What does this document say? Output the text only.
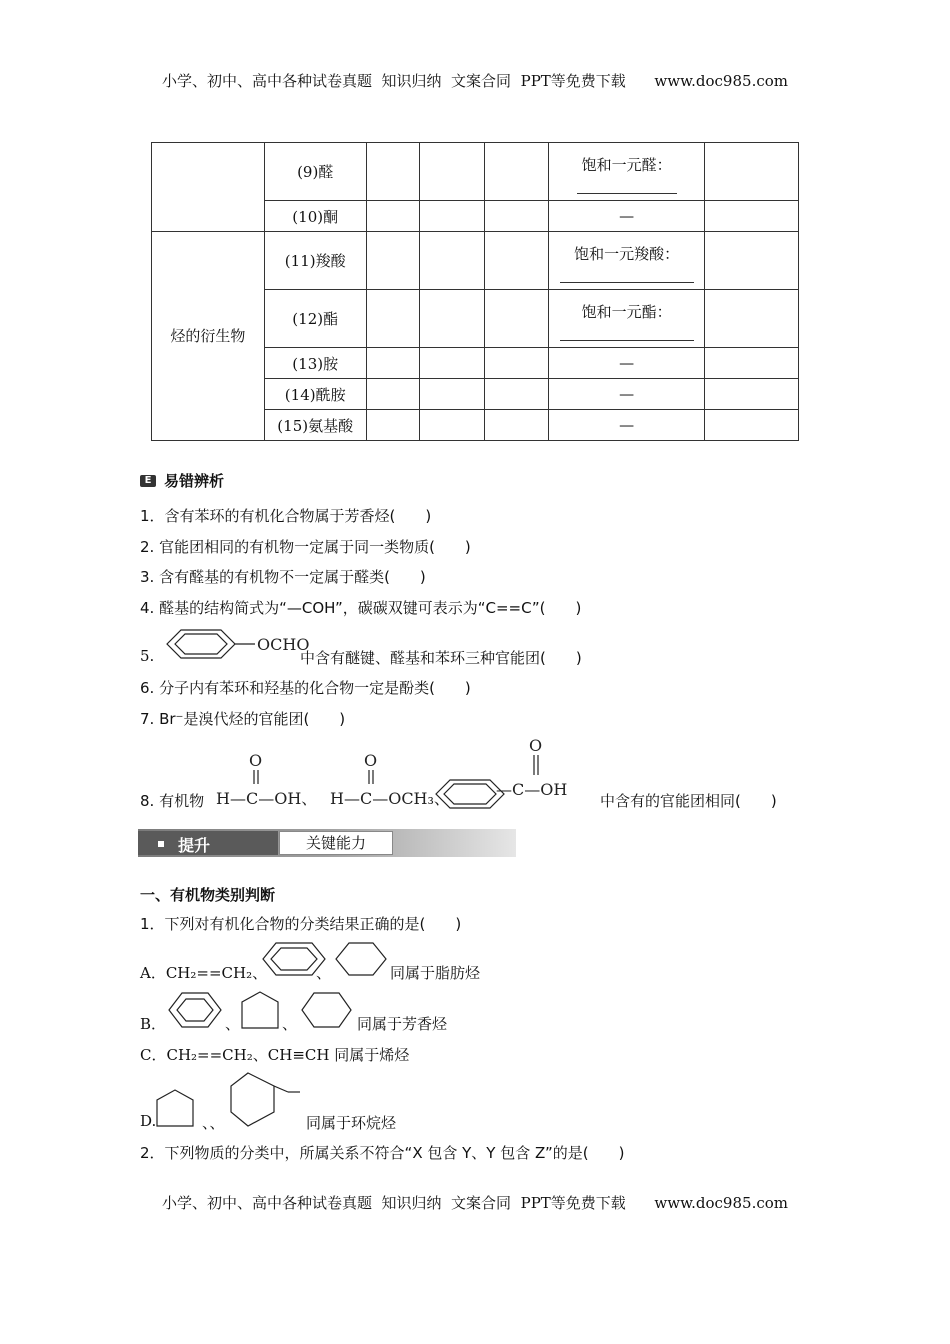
小学、初中、高中各种试卷真题  知识归纳  文案合同  PPT等免费下载      www.doc985.com
	(9)醛				饱和一元醛：	

	(10)酮				—	
烃的衍生物	(11)羧酸				饱和一元羧酸：	

	(12)酯				饱和一元酯：	

	(13)胺				—	
	(14)酰胺				—	
	(15)氨基酸				—	
E 易错辨析
1．含有苯环的有机化合物属于芳香烃(　　)
2. 官能团相同的有机物一定属于同一类物质(　　)
3. 含有醛基的有机物不一定属于醛类(　　)
4. 醛基的结构简式为“—COH”，碳碳双键可表示为“C==C”(　　)
5.
OCHO
中含有醚键、醛基和苯环三种官能团(　　)
6. 分子内有苯环和羟基的化合物一定是酚类(　　)
7. Br⁻是溴代烃的官能团(　　)
8. 有机物
O
H—C—OH、
O
H—C—OCH₃、
O
—C—OH
中含有的官能团相同(　　)
提升	关键能力
一、有机物类别判断
1．下列对有机化合物的分类结果正确的是(　　)
A．CH₂==CH₂、	、	同属于脂肪烃
B．	、	、	同属于芳香烃
C．CH₂==CH₂、CH≡CH 同属于烯烃
D.	、、	同属于环烷烃
2．下列物质的分类中，所属关系不符合“X 包含 Y、Y 包含 Z”的是(　　)
小学、初中、高中各种试卷真题  知识归纳  文案合同  PPT等免费下载      www.doc985.com
